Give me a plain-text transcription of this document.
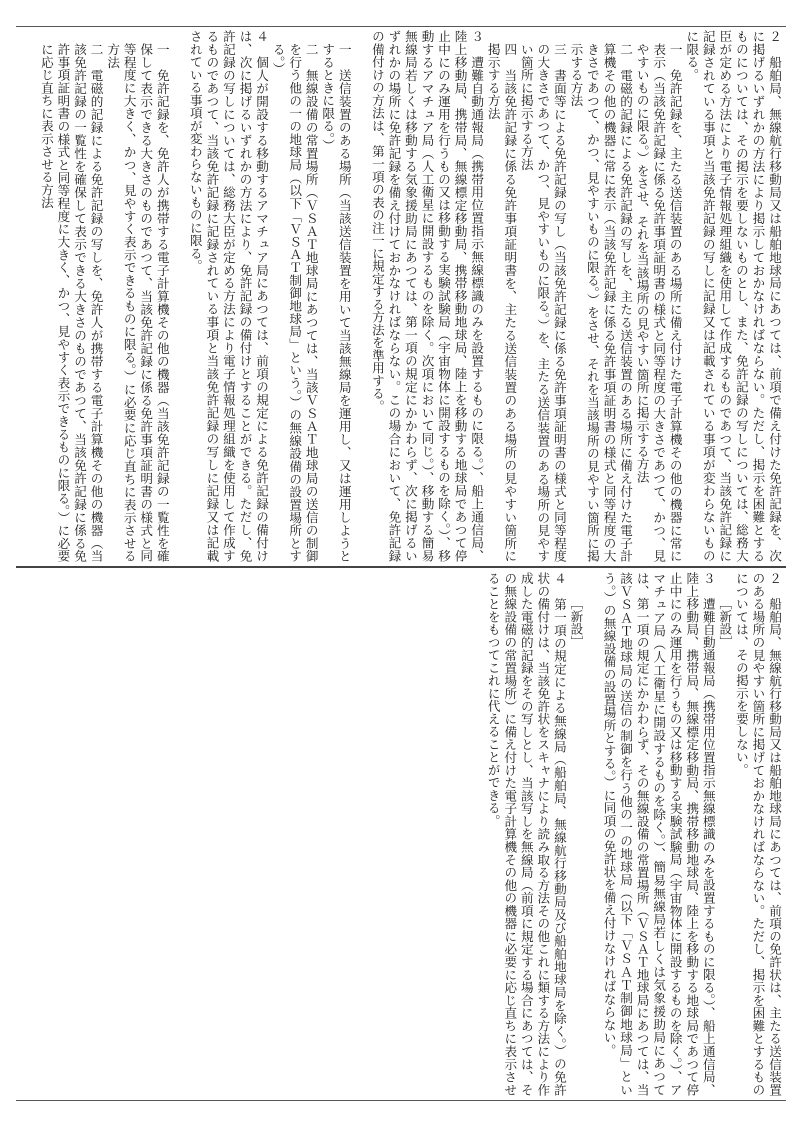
２　船舶局、無線航行移動局又は船舶地球局にあつては、前項で備え付けた免許記録を、次に掲げるいずれかの方法により掲示しておかなければならない。ただし、掲示を困難とするものについては、その掲示を要しないものとし、また、免許記録の写しについては、総務大臣が定める方法により電子情報処理組織を使用して作成するものであつて、当該免許記録に記録されている事項と当該免許記録の写しに記録又は記載されている事項が変わらないものに限る。

一　免許記録を、主たる送信装置のある場所に備え付けた電子計算機その他の機器に常に表示（当該免許記録に係る免許事項証明書の様式と同等程度の大きさであつて、かつ、見やすいものに限る。）をさせ、それを当該場所の見やすい箇所に掲示する方法

二　電磁的記録による免許記録の写しを、主たる送信装置のある場所に備え付けた電子計算機その他の機器に常に表示（当該免許記録に係る免許事項証明書の様式と同等程度の大きさであつて、かつ、見やすいものに限る。）をさせ、それを当該場所の見やすい箇所に掲示する方法

三　書面等による免許記録の写し（当該免許記録に係る免許事項証明書の様式と同等程度の大きさであつて、かつ、見やすいものに限る。）を、主たる送信装置のある場所の見やすい箇所に掲示する方法

四　当該免許記録に係る免許事項証明書を、主たる送信装置のある場所の見やすい箇所に掲示する方法

３　遭難自動通報局（携帯用位置指示無線標識のみを設置するものに限る。）、船上通信局、陸上移動局、携帯局、無線標定移動局、携帯移動地球局、陸上を移動する地球局であつて停止中にのみ運用を行うもの又は移動する実験試験局（宇宙物体に開設するものを除く。）、移動するアマチュア局（人工衛星に開設するものを除く。次項において同じ。）、移動する簡易無線局若しくは移動する気象援助局にあつては、第一項の規定にかかわらず、次に掲げるいずれかの場所に免許記録を備え付けておかなければならない。この場合において、免許記録の備付けの方法は、第一項の表の注一に規定する方法を準用する。

一　送信装置のある場所（当該送信装置を用いて当該無線局を運用し、又は運用しようとするときに限る。）

二　無線設備の常置場所（ＶＳＡＴ地球局にあつては、当該ＶＳＡＴ地球局の送信の制御を行う他の一の地球局（以下「ＶＳＡＴ制御地球局」という。）の無線設備の設置場所とする。）

４　個人が開設する移動するアマチュア局にあつては、前項の規定による免許記録の備付けは、次に掲げるいずれかの方法により、免許記録の備付けとすることができる。ただし、免許記録の写しについては、総務大臣が定める方法により電子情報処理組織を使用して作成するものであつて、当該免許記録に記録されている事項と当該免許記録の写しに記録又は記載されている事項が変わらないものに限る。

一　免許記録を、免許人が携帯する電子計算機その他の機器（当該免許記録の一覧性を確保して表示できる大きさのものであつて、当該免許記録に係る免許事項証明書の様式と同等程度に大きく、かつ、見やすく表示できるものに限る。）に必要に応じ直ちに表示させる方法

二　電磁的記録による免許記録の写しを、免許人が携帯する電子計算機その他の機器（当該免許記録の一覧性を確保して表示できる大きさのものであつて、当該免許記録に係る免許事項証明書の様式と同等程度に大きく、かつ、見やすく表示できるものに限る。）に必要に応じ直ちに表示させる方法

２　船舶局、無線航行移動局又は船舶地球局にあつては、前項の免許状は、主たる送信装置のある場所の見やすい箇所に掲げておかなければならない。ただし、掲示を困難とするものについては、その掲示を要しない。

［新設］

３　遭難自動通報局（携帯用位置指示無線標識のみを設置するものに限る。）、船上通信局、陸上移動局、携帯局、無線標定移動局、携帯移動地球局、陸上を移動する地球局であつて停止中にのみ運用を行うもの又は移動する実験試験局（宇宙物体に開設するものを除く。）、アマチュア局（人工衛星に開設するものを除く。）、簡易無線局若しくは気象援助局にあつては、第一項の規定にかかわらず、その無線設備の常置場所（ＶＳＡＴ地球局にあつては、当該ＶＳＡＴ地球局の送信の制御を行う他の一の地球局（以下「ＶＳＡＴ制御地球局」という。）の無線設備の設置場所とする。）に同項の免許状を備え付けなければならない。

［新設］

４　第一項の規定による無線局（船舶局、無線航行移動局及び船舶地球局を除く。）の免許状の備付けは、当該免許状をスキャナにより読み取る方法その他これに類する方法により作成した電磁的記録をその写しとし、当該写しを無線局（前項に規定する場合にあつては、その無線設備の常置場所）に備え付けた電子計算機その他の機器に必要に応じ直ちに表示させることをもつてこれに代えることができる。
